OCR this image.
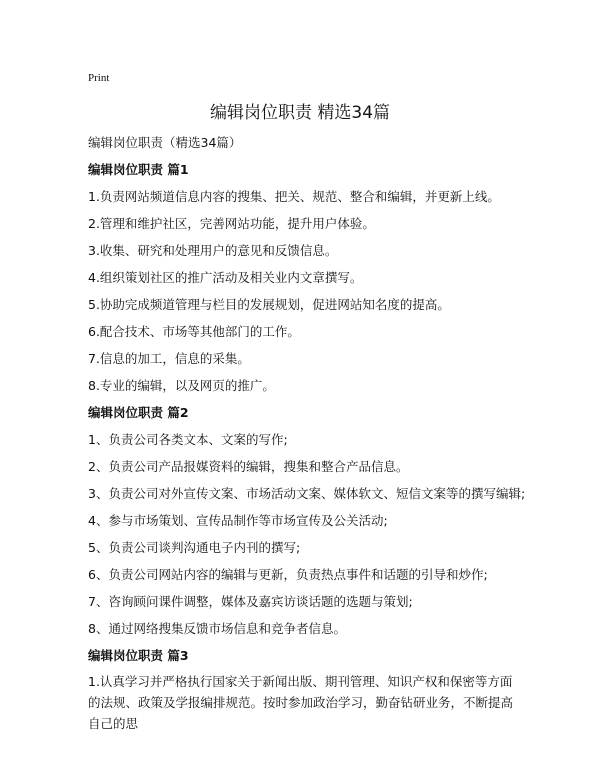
Print
编辑岗位职责 精选34篇
编辑岗位职责（精选34篇）
编辑岗位职责 篇1
1.负责网站频道信息内容的搜集、把关、规范、整合和编辑，并更新上线。
2.管理和维护社区，完善网站功能，提升用户体验。
3.收集、研究和处理用户的意见和反馈信息。
4.组织策划社区的推广活动及相关业内文章撰写。
5.协助完成频道管理与栏目的发展规划，促进网站知名度的提高。
6.配合技术、市场等其他部门的工作。
7.信息的加工，信息的采集。
8.专业的编辑，以及网页的推广。
编辑岗位职责 篇2
1、负责公司各类文本、文案的写作;
2、负责公司产品报媒资料的编辑，搜集和整合产品信息。
3、负责公司对外宣传文案、市场活动文案、媒体软文、短信文案等的撰写编辑;
4、参与市场策划、宣传品制作等市场宣传及公关活动;
5、负责公司谈判沟通电子内刊的撰写;
6、负责公司网站内容的编辑与更新，负责热点事件和话题的引导和炒作;
7、咨询顾问课件调整，媒体及嘉宾访谈话题的选题与策划;
8、通过网络搜集反馈市场信息和竞争者信息。
编辑岗位职责 篇3
1.认真学习并严格执行国家关于新闻出版、期刊管理、知识产权和保密等方面的法规、政策及学报编排规范。按时参加政治学习，勤奋钻研业务，不断提高自己的思
